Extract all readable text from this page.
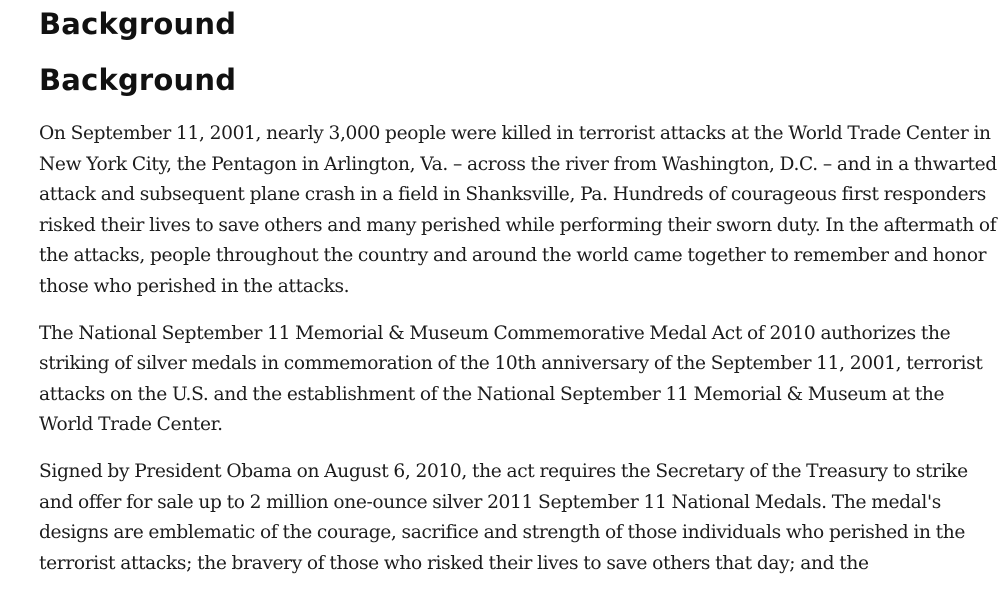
Background
Background

On September 11, 2001, nearly 3,000 people were killed in terrorist attacks at the World Trade Center in New York City, the Pentagon in Arlington, Va. – across the river from Washington, D.C. – and in a thwarted attack and subsequent plane crash in a field in Shanksville, Pa. Hundreds of courageous first responders risked their lives to save others and many perished while performing their sworn duty. In the aftermath of the attacks, people throughout the country and around the world came together to remember and honor those who perished in the attacks.

The National September 11 Memorial & Museum Commemorative Medal Act of 2010 authorizes the striking of silver medals in commemoration of the 10th anniversary of the September 11, 2001, terrorist attacks on the U.S. and the establishment of the National September 11 Memorial & Museum at the World Trade Center.

Signed by President Obama on August 6, 2010, the act requires the Secretary of the Treasury to strike and offer for sale up to 2 million one-ounce silver 2011 September 11 National Medals. The medal's designs are emblematic of the courage, sacrifice and strength of those individuals who perished in the terrorist attacks; the bravery of those who risked their lives to save others that day; and the
